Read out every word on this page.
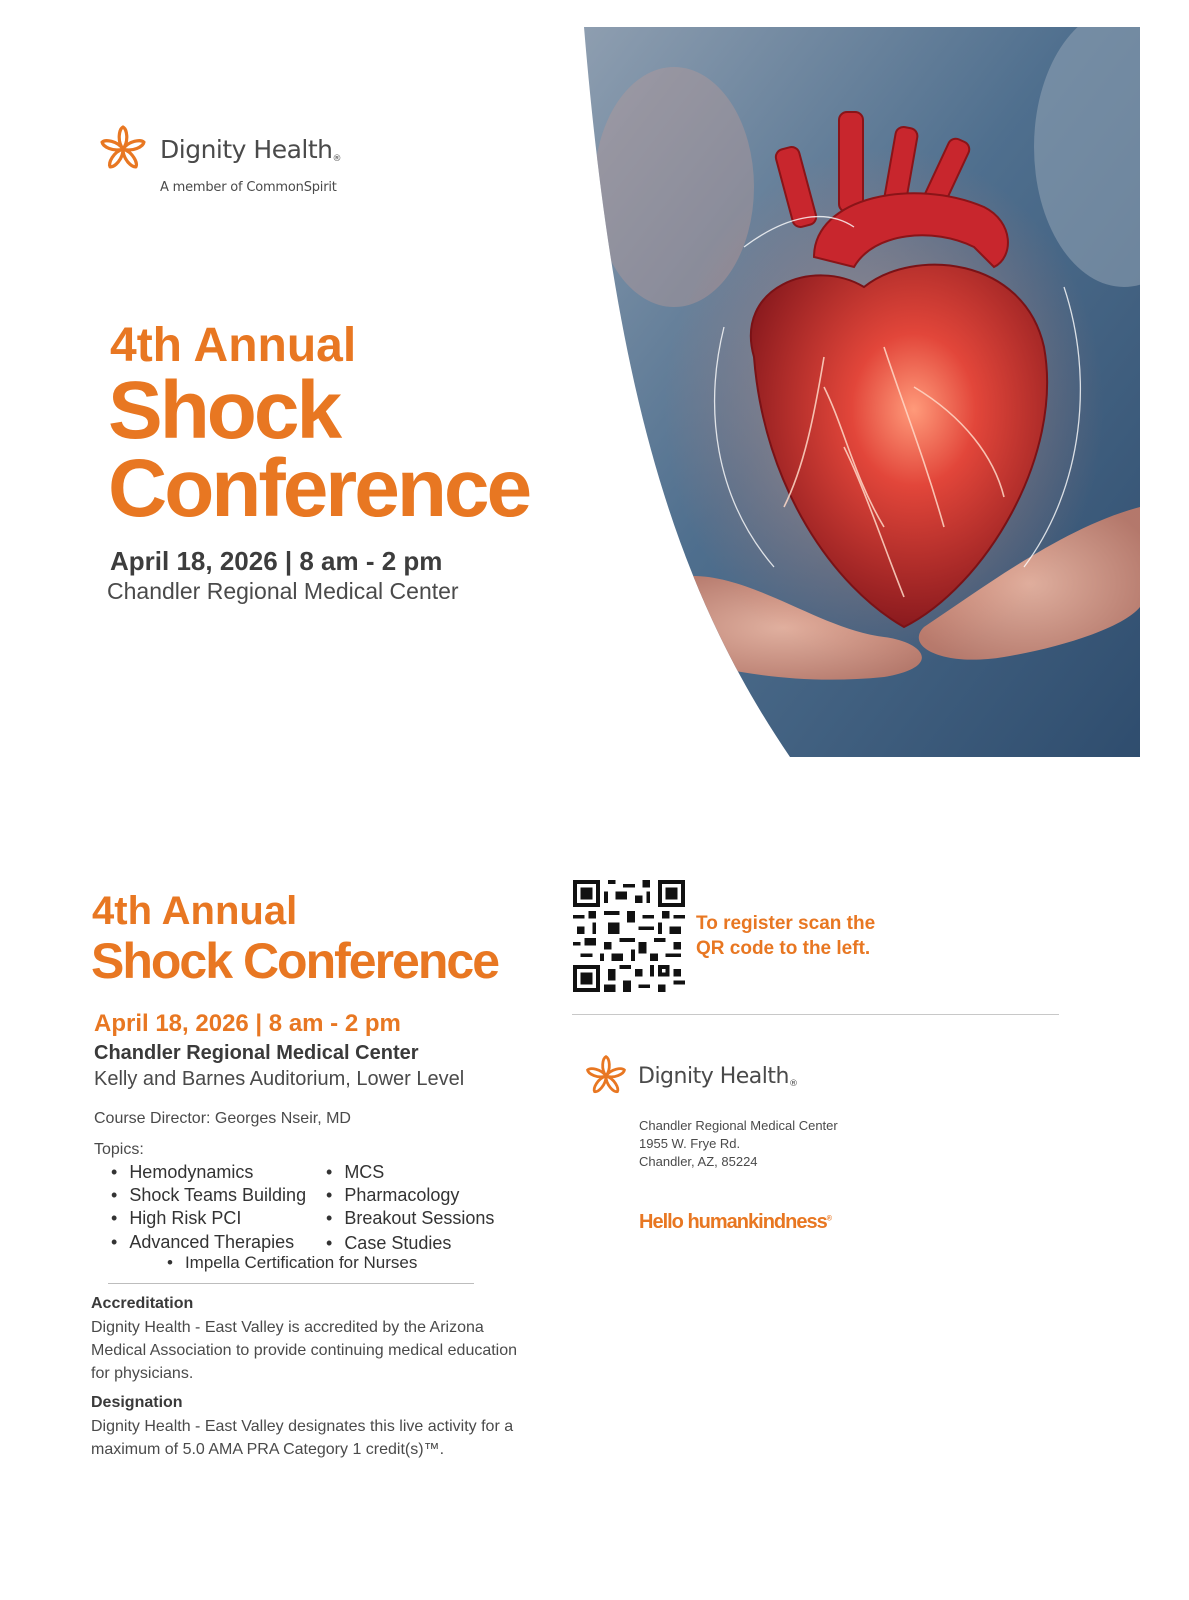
Dignity Health®
A member of CommonSpirit
4th Annual
Shock
Conference
April 18, 2026 | 8 am - 2 pm
Chandler Regional Medical Center
4th Annual
Shock Conference
April 18, 2026 | 8 am - 2 pm
Chandler Regional Medical Center
Kelly and Barnes Auditorium, Lower Level
Course Director: Georges Nseir, MD
Topics:
• Hemodynamics
• Shock Teams Building
• High Risk PCI
• Advanced Therapies
• MCS
• Pharmacology
• Breakout Sessions
• Case Studies
• Impella Certification for Nurses
Accreditation
Dignity Health - East Valley is accredited by the Arizona Medical Association to provide continuing medical education for physicians.
Designation
Dignity Health - East Valley designates this live activity for a maximum of 5.0 AMA PRA Category 1 credit(s)™.
To register scan the
QR code to the left.
Dignity Health®
Chandler Regional Medical Center
1955 W. Frye Rd.
Chandler, AZ, 85224
Hello humankindness®
